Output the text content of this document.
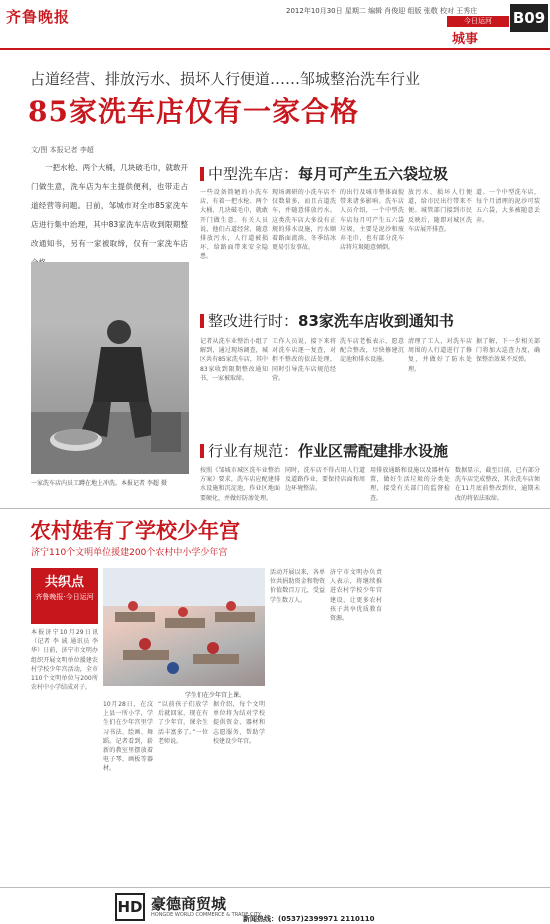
齐鲁晚报	2012年10月30日 星期二 编辑 肖俊迎 组版 张敬 校对 王秀庄
今日运河
城事
B09
占道经营、排放污水、损坏人行便道……邹城整治洗车行业
85家洗车店仅有一家合格
文/图 本报记者 李超
一把水枪、两个大桶，几块破毛巾，就敢开门做生意，洗车店为车主提供便利，也带走占道经营等问题。日前，邹城市对全市85家洗车店进行集中治理，其中83家洗车店收到限期整改通知书，另有一家被取缔，仅有一家洗车店
一家洗车店内员工蹲在地上冲洗。本报记者 李超 摄
中型洗车店：每月可产生五六袋垃圾
一些设备简陋的小洗车店，有着一把水枪、两个大桶、几块破毛巾，就敢开门做生意。有关人员说，他们占道经营，随意排放污水，人行道被损坏，给路面带来安全隐患。
现场调研的小洗车店不仅数量多，而且占道洗车，并随意排放污水。这类洗车店大多没有正规的排水设施，污水顺着路面流淌，冬季结冰更易引发事故。
的出行及城市整体面貌带来诸多影响。洗车店人员介绍，一个中型洗车店每月可产生五六袋垃圾，主要是泥沙和废弃毛巾，也有部分洗车店将垃圾随意倾倒。
放污水、损坏人行便道，给市民出行带来不便。城管部门接到市民反映后，随即对城区洗车店展开排查。
道。一个中型洗车店，每个月清理的泥沙可装五六袋，大多被随意丢弃。
整改进行时：83家洗车店收到通知书
记者从洗车业整治小组了解到，通过现场调查，城区共有85家洗车店，其中83家收到限期整改通知书，一家被取缔。
工作人员说，接下来将对洗车店逐一复查，对拒不整改的依法处理，同时引导洗车店规范经营。
洗车店老板表示，愿意配合整改，尽快修建沉淀池和排水设施。
清理了工人，对洗车店周围的人行道进行了修复，并做好了防水处理。
据了解，下一步相关部门将加大巡查力度，确保整治效果不反弹。
行业有规范：作业区需配建排水设施
按照《邹城市城区洗车业整治方案》要求，洗车店应配建排水设施和沉淀池，作业区地面要硬化，并做好防渗处理。
同时，洗车店不得占用人行道及道路作业，要保持店面和周边环境整洁。
用排放通路和设施以及器材布置，做好生活垃圾的分类处理，接受有关部门的监督检查。
数据显示，截至目前，已有部分洗车店完成整改，其余洗车店须在11月底前整改到位，逾期未改的将依法取缔。
农村娃有了学校少年宫
济宁110个文明单位援建200个农村中小学少年宫
共织点
齐鲁晚报·今日运河
学生们在少年宫上课。
本报济宁10月29日讯（记者 李 诚 通讯员 李 华）日前，济宁市文明办组织开展文明单位援建农村学校少年宫活动，全市110个文明单位与200所农村中小学结成对子。
10月28日，在汶上县一所小学，学生们在少年宫里学习书法、绘画、舞蹈。记者看到，崭新的教室里摆放着电子琴、画板等器材。
“以前孩子们放学后就回家，现在有了少年宫，课余生活丰富多了。”一位老师说。
据介绍，每个文明单位将为结对学校提供资金、器材和志愿服务，帮助学校建设少年宫。
活动开展以来，各单位共捐助资金和物资价值数百万元，受益学生数万人。
济宁市文明办负责人表示，将继续推进农村学校少年宫建设，让更多农村孩子共享优质教育资源。
HD 豪德商贸城
HONGDE WORLD COMMERCE & TRADE CITY
新闻热线：(0537)2399971 2110110
